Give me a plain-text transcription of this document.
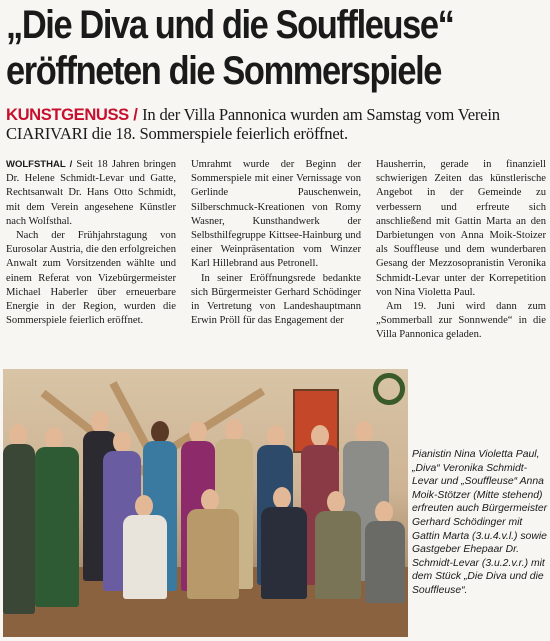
„Die Diva und die Souffleuse“
eröffneten die Sommerspiele
KUNSTGENUSS / In der Villa Pannonica wurden am Samstag vom Verein CIARIVARI die 18. Sommerspiele feierlich eröffnet.

WOLFSTHAL / Seit 18 Jahren bringen Dr. Helene Schmidt-Levar und Gatte, Rechtsanwalt Dr. Hans Otto Schmidt, mit dem Verein angesehene Künstler nach Wolfsthal.

Nach der Frühjahrstagung von Eurosolar Austria, die den erfolgreichen Anwalt zum Vorsitzenden wählte und einem Referat von Vizebürgermeister Michael Haberler über erneuerbare Energie in der Region, wurden die Sommerspiele feierlich eröffnet.

Umrahmt wurde der Beginn der Sommerspiele mit einer Vernissage von Gerlinde Pauschenwein, Silberschmuck-Kreationen von Romy Wasner, Kunsthandwerk der Selbsthilfegruppe Kittsee-Hainburg und einer Weinpräsentation vom Winzer Karl Hillebrand aus Petronell.

In seiner Eröffnungsrede bedankte sich Bürgermeister Gerhard Schödinger in Vertretung von Landeshauptmann Erwin Pröll für das Engagement der

Hausherrin, gerade in finanziell schwierigen Zeiten das künstlerische Angebot in der Gemeinde zu verbessern und erfreute sich anschließend mit Gattin Marta an den Darbietungen von Anna Moik-Stoizer als Souffleuse und dem wunderbaren Gesang der Mezzosopranistin Veronika Schmidt-Levar unter der Korrepetition von Nina Violetta Paul.

Am 19. Juni wird dann zum „Sommerball zur Sonnwende“ in die Villa Pannonica geladen.

Pianistin Nina Violetta Paul, „Diva“ Veronika Schmidt-Levar und „Souffleuse“ Anna Moik-Stötzer (Mitte stehend) erfreuten auch Bürgermeister Gerhard Schödinger mit Gattin Marta (3.u.4.v.l.) sowie Gastgeber Ehepaar Dr. Schmidt-Levar (3.u.2.v.r.) mit dem Stück „Die Diva und die Souffleuse“.
